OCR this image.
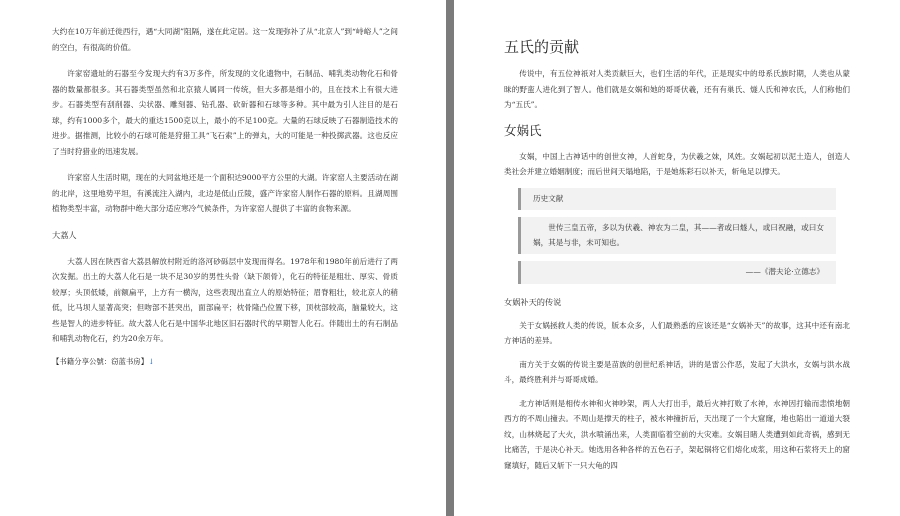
大约在10万年前迁徙西行，遇“大同湖”阻隔，遂在此定居。这一发现弥补了从“北京人”到“峙峪人”之间的空白，有很高的价值。

许家窑遗址的石器至今发现大约有3万多件，所发现的文化遗物中，石制品、哺乳类动物化石和骨器的数量都很多。其石器类型虽然和北京猿人属同一传统，但大多都是细小的，且在技术上有很大进步。石器类型有刮削器、尖状器、雕刻器、钻孔器、砍斫器和石球等多种。其中最为引人注目的是石球，约有1000多个，最大的重达1500克以上，最小的不足100克。大量的石球反映了石器制造技术的进步。据推测，比较小的石球可能是狩猎工具“飞石索”上的弹丸，大的可能是一种投掷武器。这也反应了当时狩猎业的迅速发展。

许家窑人生活时期，现在的大同盆地还是一个面积达9000平方公里的大湖。许家窑人主要活动在湖的北岸，这里地势平坦，有溪流注入湖内，北边是低山丘陵，盛产许家窑人制作石器的原料。且湖周围植物类型丰富，动物群中绝大部分适应寒冷气候条件，为许家窑人提供了丰富的食物来源。

大荔人

大荔人因在陕西省大荔县解放村附近的洛河砂砾层中发现而得名。1978年和1980年前后进行了两次发掘。出土的大荔人化石是一块不足30岁的男性头骨（缺下颌骨），化石的特征是粗壮、厚实、骨质较厚；头顶低矮，前额扁平，上方有一横沟，这些表现出直立人的原始特征；眉脊粗壮，较北京人的稍低，比马坝人显著高突；但吻部不甚突出，面部扁平；枕骨隆凸位置下移，顶枕部较高，脑量较大，这些是智人的进步特征。故大荔人化石是中国华北地区旧石器时代的早期智人化石。伴随出土的有石制品和哺乳动物化石，约为20余万年。

【书籍分享公號：窃蓝书房】↓

五氏的贡献

传说中，有五位神祇对人类贡献巨大，也们生活的年代，正是现实中的母系氏族时期，人类也从蒙昧的野蛮人进化到了智人。他们就是女娲和她的哥哥伏羲，还有有巢氏、燧人氏和神农氏，人们称他们为“五氏”。

女娲氏

女娲，中国上古神话中的创世女神，人首蛇身，为伏羲之妹，风姓。女娲起初以泥土造人，创造人类社会并建立婚姻制度；而后世间天塌地陷，于是她炼彩石以补天，斩龟足以撑天。

历史文献
世传三皇五帝，多以为伏羲、神农为二皇，其——者或曰燧人，或曰祝融，或曰女娲，其是与非，未可知也。
——《潜夫论·立德志》

女娲补天的传说

关于女娲拯救人类的传说，版本众多，人们最熟悉的应该还是“女娲补天”的故事，这其中还有南北方神话的差异。

南方关于女娲的传说主要是苗族的创世纪系神话，讲的是雷公作恶，发起了大洪水，女娲与洪水战斗，最终胜利并与哥哥成婚。

北方神话则是相传水神和火神吵架，两人大打出手，最后火神打败了水神，水神因打输而恚愤地朝西方的不周山撞去。不周山是撑天的柱子，被水神撞折后，天出现了一个大窟窿，地也陷出一道道大裂纹，山林烧起了大火，洪水喷涌出来，人类面临着空前的大灾难。女娲目睹人类遭到如此奇祸，感到无比痛苦，于是决心补天。她选用各种各样的五色石子，架起锅将它们熔化成浆，用这种石浆将天上的窟窿填好，随后又斩下一只大龟的四
